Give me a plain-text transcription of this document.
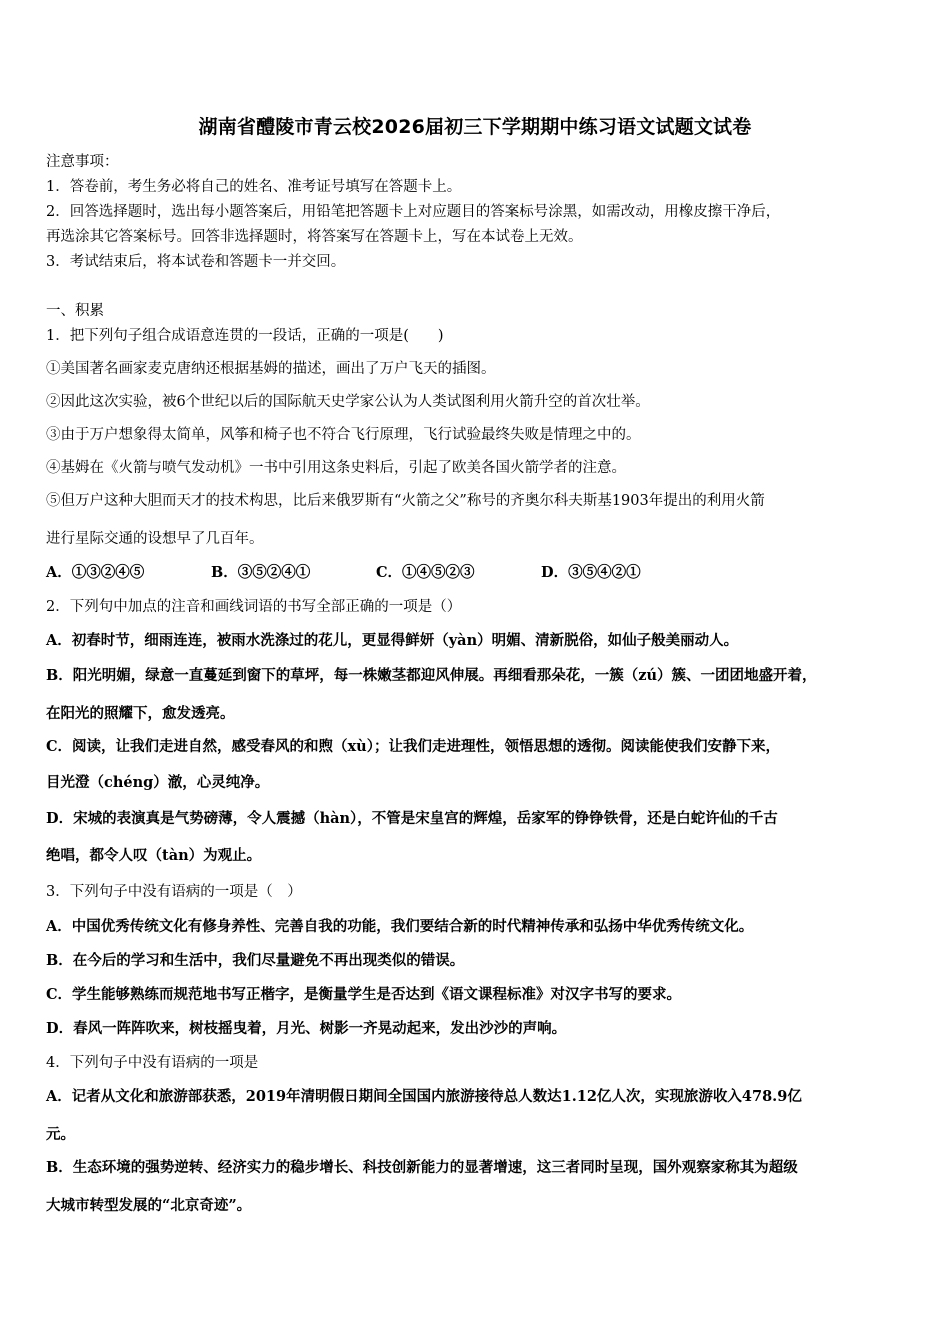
湖南省醴陵市青云校2026届初三下学期期中练习语文试题文试卷
注意事项：
1．答卷前，考生务必将自己的姓名、准考证号填写在答题卡上。
2．回答选择题时，选出每小题答案后，用铅笔把答题卡上对应题目的答案标号涂黑，如需改动，用橡皮擦干净后，
再选涂其它答案标号。回答非选择题时，将答案写在答题卡上，写在本试卷上无效。
3．考试结束后，将本试卷和答题卡一并交回。
一、积累
1．把下列句子组合成语意连贯的一段话，正确的一项是(　　)
①美国著名画家麦克唐纳还根据基姆的描述，画出了万户飞天的插图。
②因此这次实验，被6个世纪以后的国际航天史学家公认为人类试图利用火箭升空的首次壮举。
③由于万户想象得太简单，风筝和椅子也不符合飞行原理，飞行试验最终失败是情理之中的。
④基姆在《火箭与喷气发动机》一书中引用这条史料后，引起了欧美各国火箭学者的注意。
⑤但万户这种大胆而天才的技术构思，比后来俄罗斯有“火箭之父”称号的齐奥尔科夫斯基1903年提出的利用火箭
进行星际交通的设想早了几百年。
A．①③②④⑤	B．③⑤②④①	C．①④⑤②③	D．③⑤④②①
2．下列句中加点的注音和画线词语的书写全部正确的一项是（）
A．初春时节，细雨连连，被雨水洗涤过的花儿，更显得鲜妍（yàn）明媚、清新脱俗，如仙子般美丽动人。
B．阳光明媚，绿意一直蔓延到窗下的草坪，每一株嫩茎都迎风伸展。再细看那朵花，一簇（zú）簇、一团团地盛开着，
在阳光的照耀下，愈发透亮。
C．阅读，让我们走进自然，感受春风的和煦（xù）；让我们走进理性，领悟思想的透彻。阅读能使我们安静下来，
目光澄（chéng）澈，心灵纯净。
D．宋城的表演真是气势磅薄，令人震撼（hàn），不管是宋皇宫的辉煌，岳家军的铮铮铁骨，还是白蛇许仙的千古
绝唱，都令人叹（tàn）为观止。
3．下列句子中没有语病的一项是（　）
A．中国优秀传统文化有修身养性、完善自我的功能，我们要结合新的时代精神传承和弘扬中华优秀传统文化。
B．在今后的学习和生活中，我们尽量避免不再出现类似的错误。
C．学生能够熟练而规范地书写正楷字，是衡量学生是否达到《语文课程标准》对汉字书写的要求。
D．春风一阵阵吹来，树枝摇曳着，月光、树影一齐晃动起来，发出沙沙的声响。
4．下列句子中没有语病的一项是
A．记者从文化和旅游部获悉，2019年清明假日期间全国国内旅游接待总人数达1.12亿人次，实现旅游收入478.9亿
元。
B．生态环境的强势逆转、经济实力的稳步增长、科技创新能力的显著增速，这三者同时呈现，国外观察家称其为超级
大城市转型发展的“北京奇迹”。
